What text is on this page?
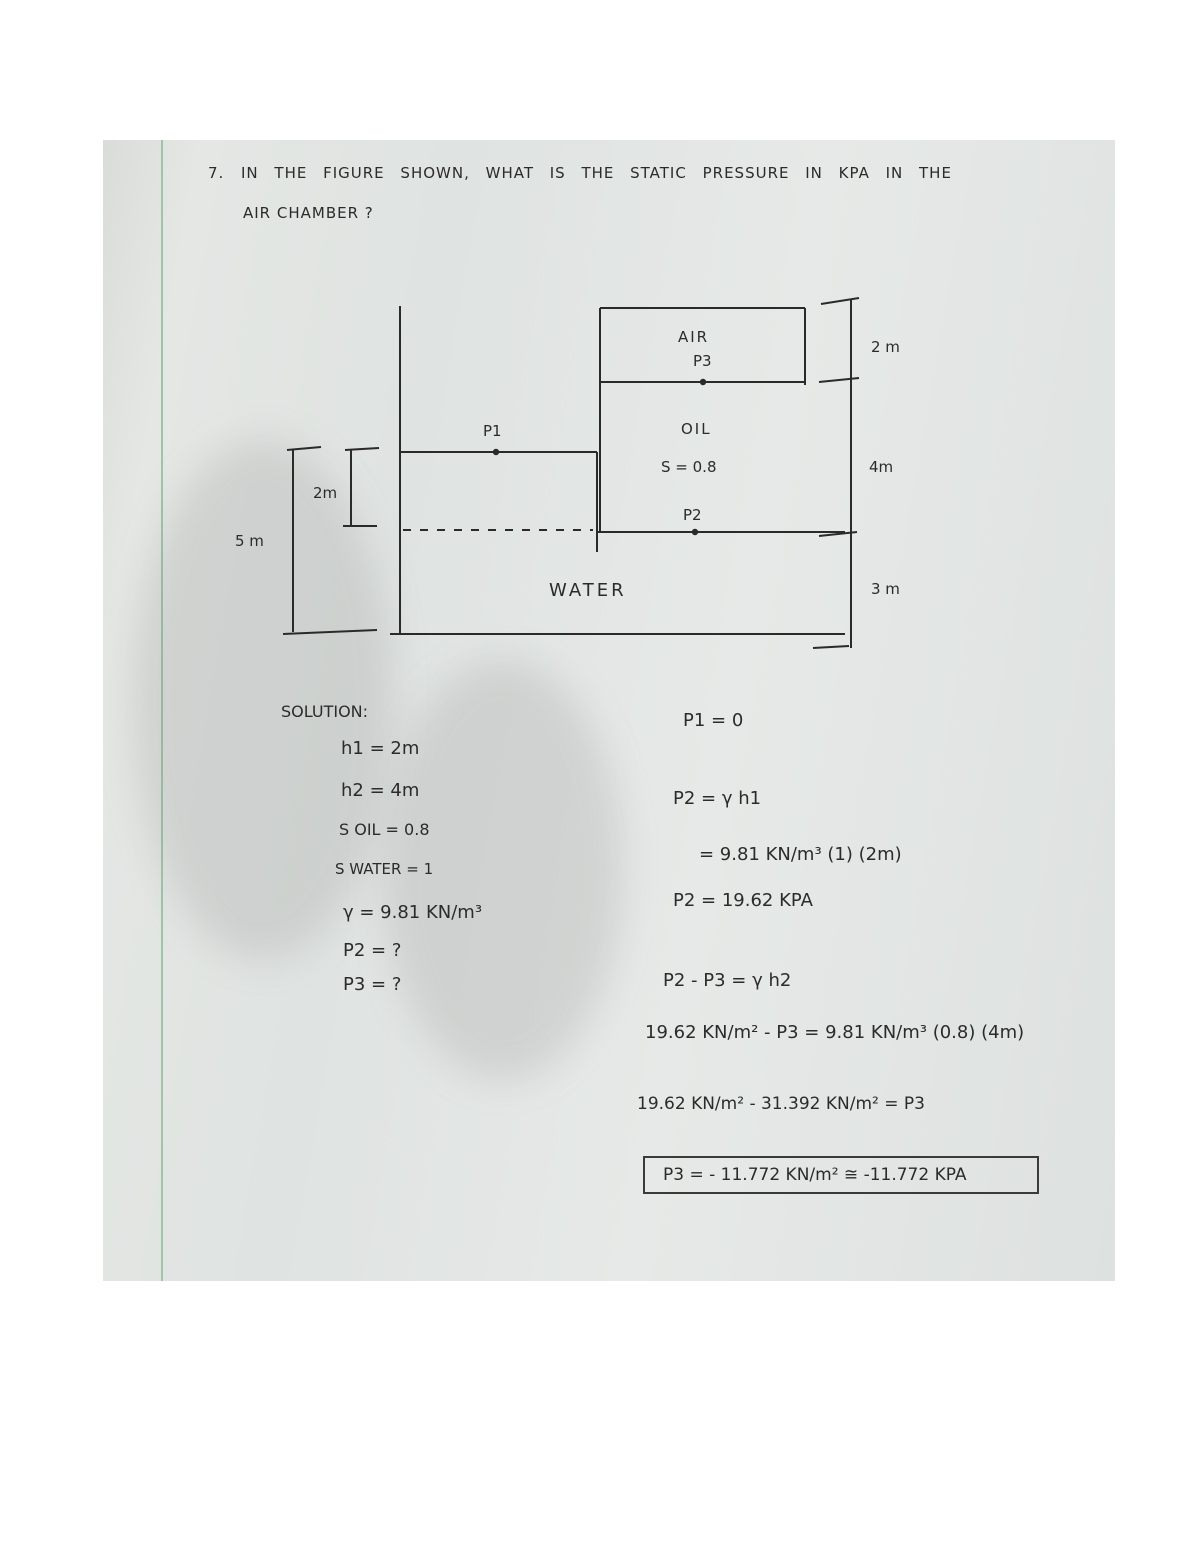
7. IN THE FIGURE SHOWN, WHAT IS THE STATIC PRESSURE IN KPA IN THE
AIR CHAMBER ?
AIR
P3
OIL
S = 0.8
P1
P2
WATER
5 m
2m
2 m
4m
3 m
SOLUTION:
h1 = 2m
h2 = 4m
S OIL = 0.8
S WATER = 1
γ = 9.81 KN/m³
P2 = ?
P3 = ?
P1 = 0
P2 = γ h1
= 9.81 KN/m³ (1) (2m)
P2 = 19.62 KPA
P2 - P3 = γ h2
19.62 KN/m² - P3 = 9.81 KN/m³ (0.8) (4m)
19.62 KN/m² - 31.392 KN/m² = P3
P3 = - 11.772 KN/m² ≅ -11.772 KPA
